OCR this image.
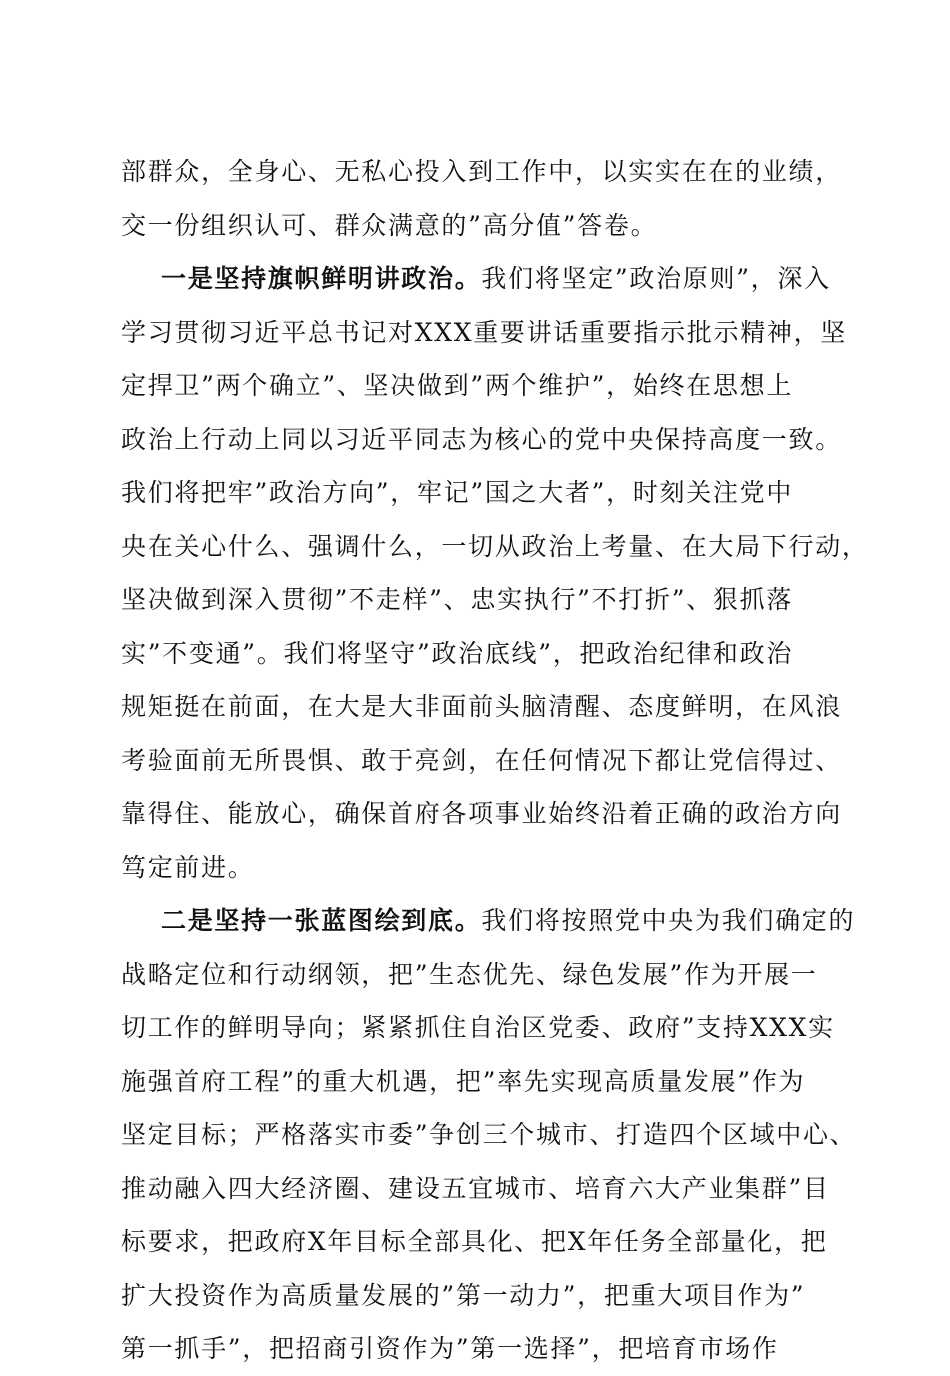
部群众，全身心、无私心投入到工作中，以实实在在的业绩，
交一份组织认可、群众满意的”高分值”答卷。
一是坚持旗帜鲜明讲政治。我们将坚定”政治原则”，深入
学习贯彻习近平总书记对XXX重要讲话重要指示批示精神，坚
定捍卫”两个确立”、坚决做到”两个维护”，始终在思想上
政治上行动上同以习近平同志为核心的党中央保持高度一致。
我们将把牢”政治方向”，牢记”国之大者”，时刻关注党中
央在关心什么、强调什么，一切从政治上考量、在大局下行动，
坚决做到深入贯彻”不走样”、忠实执行”不打折”、狠抓落
实”不变通”。我们将坚守”政治底线”，把政治纪律和政治
规矩挺在前面，在大是大非面前头脑清醒、态度鲜明，在风浪
考验面前无所畏惧、敢于亮剑，在任何情况下都让党信得过、
靠得住、能放心，确保首府各项事业始终沿着正确的政治方向
笃定前进。
二是坚持一张蓝图绘到底。我们将按照党中央为我们确定的
战略定位和行动纲领，把”生态优先、绿色发展”作为开展一
切工作的鲜明导向；紧紧抓住自治区党委、政府”支持XXX实
施强首府工程”的重大机遇，把”率先实现高质量发展”作为
坚定目标；严格落实市委”争创三个城市、打造四个区域中心、
推动融入四大经济圈、建设五宜城市、培育六大产业集群”目
标要求，把政府X年目标全部具化、把X年任务全部量化，把
扩大投资作为高质量发展的”第一动力”，把重大项目作为”
第一抓手”，把招商引资作为”第一选择”，把培育市场作
